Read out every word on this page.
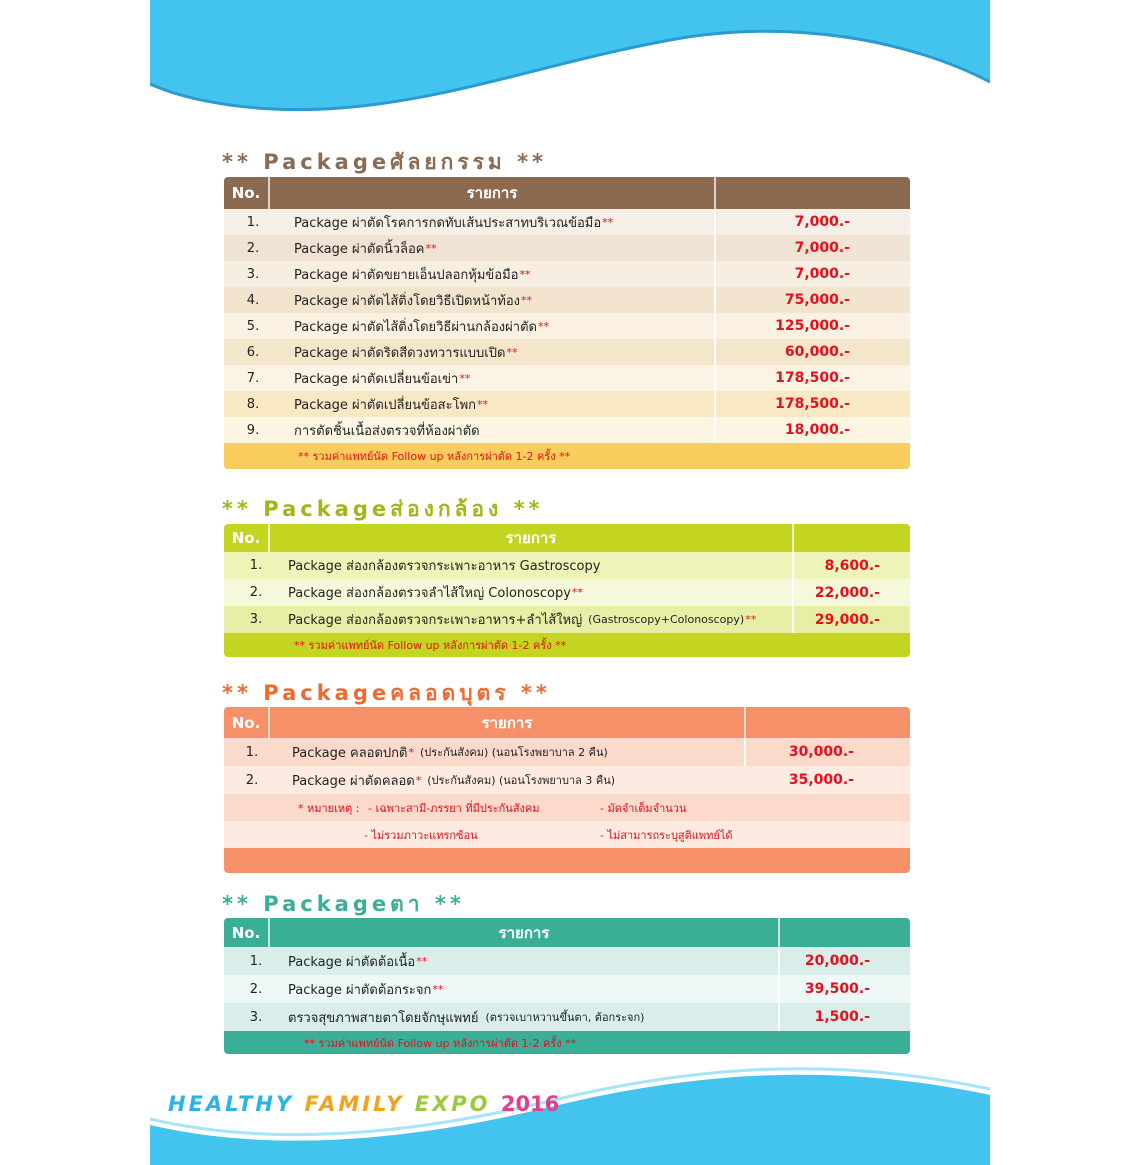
** Packageศัลยกรรม **
No.	รายการ
1.	Package ผ่าตัดโรคการกดทับเส้นประสาทบริเวณข้อมือ **	7,000.-
2.	Package ผ่าตัดนิ้วล็อค **	7,000.-
3.	Package ผ่าตัดขยายเอ็นปลอกหุ้มข้อมือ **	7,000.-
4.	Package ผ่าตัดไส้ติ่งโดยวิธีเปิดหน้าท้อง **	75,000.-
5.	Package ผ่าตัดไส้ติ่งโดยวิธีผ่านกล้องผ่าตัด **	125,000.-
6.	Package ผ่าตัดริดสีดวงทวารแบบเปิด **	60,000.-
7.	Package ผ่าตัดเปลี่ยนข้อเข่า **	178,500.-
8.	Package ผ่าตัดเปลี่ยนข้อสะโพก **	178,500.-
9.	การตัดชิ้นเนื้อส่งตรวจที่ห้องผ่าตัด	18,000.-
** รวมค่าแพทย์นัด Follow up หลังการผ่าตัด 1-2 ครั้ง **
** Packageส่องกล้อง **
No.	รายการ
1.	Package ส่องกล้องตรวจกระเพาะอาหาร Gastroscopy	8,600.-
2.	Package ส่องกล้องตรวจลำไส้ใหญ่ Colonoscopy **	22,000.-
3.	Package ส่องกล้องตรวจกระเพาะอาหาร+ลำไส้ใหญ่ (Gastroscopy+Colonoscopy) **	29,000.-
** รวมค่าแพทย์นัด Follow up หลังการผ่าตัด 1-2 ครั้ง **
** Packageคลอดบุตร **
No.	รายการ
1.	Package คลอดปกติ * (ประกันสังคม) (นอนโรงพยาบาล 2 คืน)	30,000.-
2.	Package ผ่าตัดคลอด * (ประกันสังคม) (นอนโรงพยาบาล 3 คืน)	35,000.-
* หมายเหตุ : - เฉพาะสามี-ภรรยา ที่มีประกันสังคม	- มัดจำเต็มจำนวน
- ไม่รวมภาวะแทรกซ้อน	- ไม่สามารถระบุสูติแพทย์ได้
** Packageตา **
No.	รายการ
1.	Package ผ่าตัดต้อเนื้อ **	20,000.-
2.	Package ผ่าตัดต้อกระจก **	39,500.-
3.	ตรวจสุขภาพสายตาโดยจักษุแพทย์ (ตรวจเบาหวานขึ้นตา, ต้อกระจก)	1,500.-
** รวมค่าแพทย์นัด Follow up หลังการผ่าตัด 1-2 ครั้ง **
HEALTHY FAMILY EXPO 2016
